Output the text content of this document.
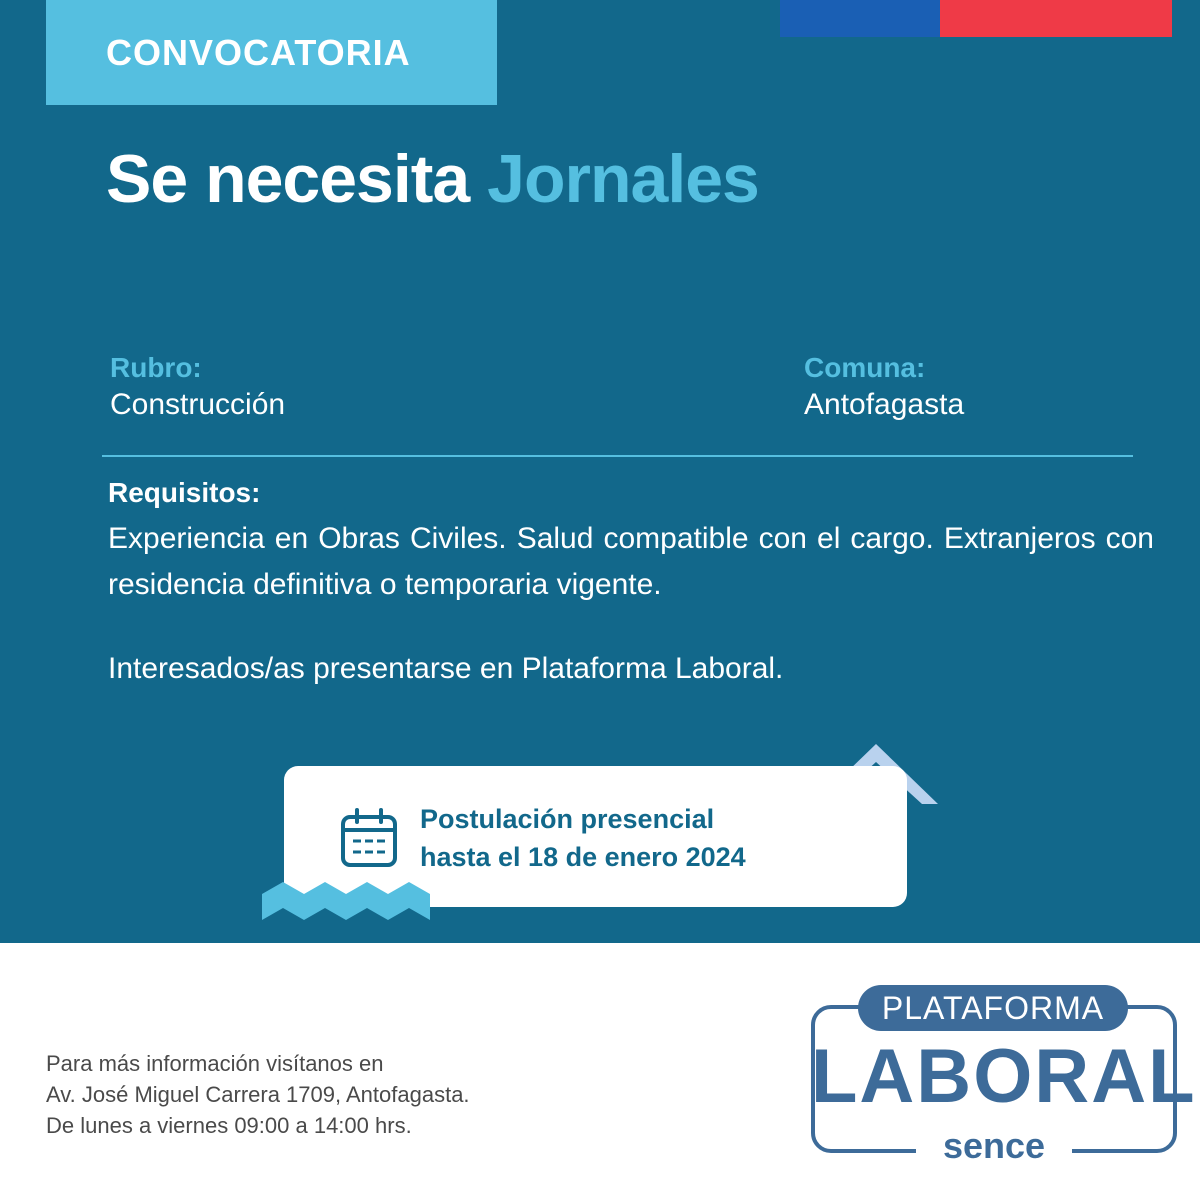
CONVOCATORIA
Se necesita Jornales
Rubro:
Construcción
Comuna:
Antofagasta
Requisitos:

Experiencia en Obras Civiles. Salud compatible con el cargo. Extranjeros con residencia definitiva o temporaria vigente.

Interesados/as presentarse en Plataforma Laboral.

Postulación presencial
hasta el 18 de enero 2024

Para más información visítanos en
Av. José Miguel Carrera 1709, Antofagasta.
De lunes a viernes 09:00 a 14:00 hrs.

PLATAFORMA
LABORAL
sence
